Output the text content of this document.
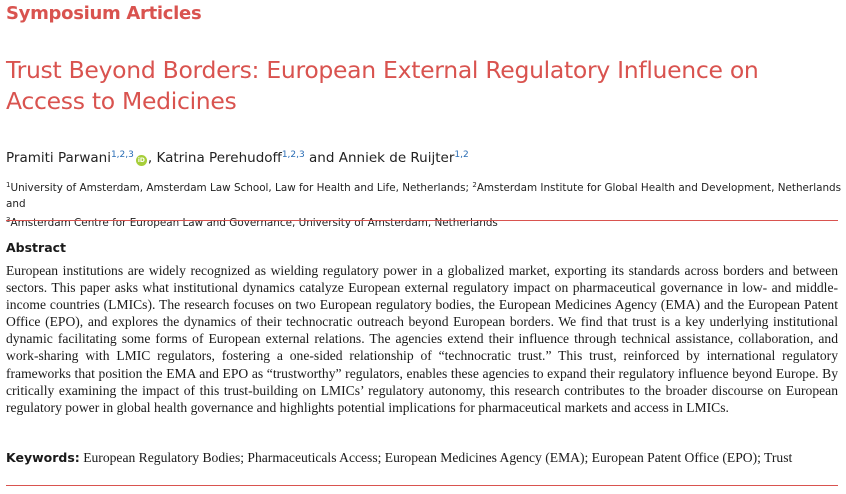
Symposium Articles
Trust Beyond Borders: European External Regulatory Influence on Access to Medicines
Pramiti Parwani$^{1,2,3}$iD , Katrina Perehudoff$^{1,2,3}$ and Anniek de Ruijter$^{1,2}$
$^1$University of Amsterdam, Amsterdam Law School, Law for Health and Life, Netherlands; $^2$Amsterdam Institute for Global Health and Development, Netherlands and
$^3$Amsterdam Centre for European Law and Governance, University of Amsterdam, Netherlands
Abstract

European institutions are widely recognized as wielding regulatory power in a globalized market, exporting its standards across borders and between sectors. This paper asks what institutional dynamics catalyze European external regulatory impact on pharmaceutical governance in low- and middle-income countries (LMICs). The research focuses on two European regulatory bodies, the European Medicines Agency (EMA) and the European Patent Office (EPO), and explores the dynamics of their technocratic outreach beyond European borders. We find that trust is a key underlying institutional dynamic facilitating some forms of European external relations. The agencies extend their influence through technical assistance, collaboration, and work-sharing with LMIC regulators, fostering a one-sided relationship of “technocratic trust.” This trust, reinforced by international regulatory frameworks that position the EMA and EPO as “trustworthy” regulators, enables these agencies to expand their regulatory influence beyond Europe. By critically examining the impact of this trust-building on LMICs’ regulatory autonomy, this research contributes to the broader discourse on European regulatory power in global health governance and highlights potential implications for pharmaceutical markets and access in LMICs.

Keywords: European Regulatory Bodies; Pharmaceuticals Access; European Medicines Agency (EMA); European Patent Office (EPO); Trust
